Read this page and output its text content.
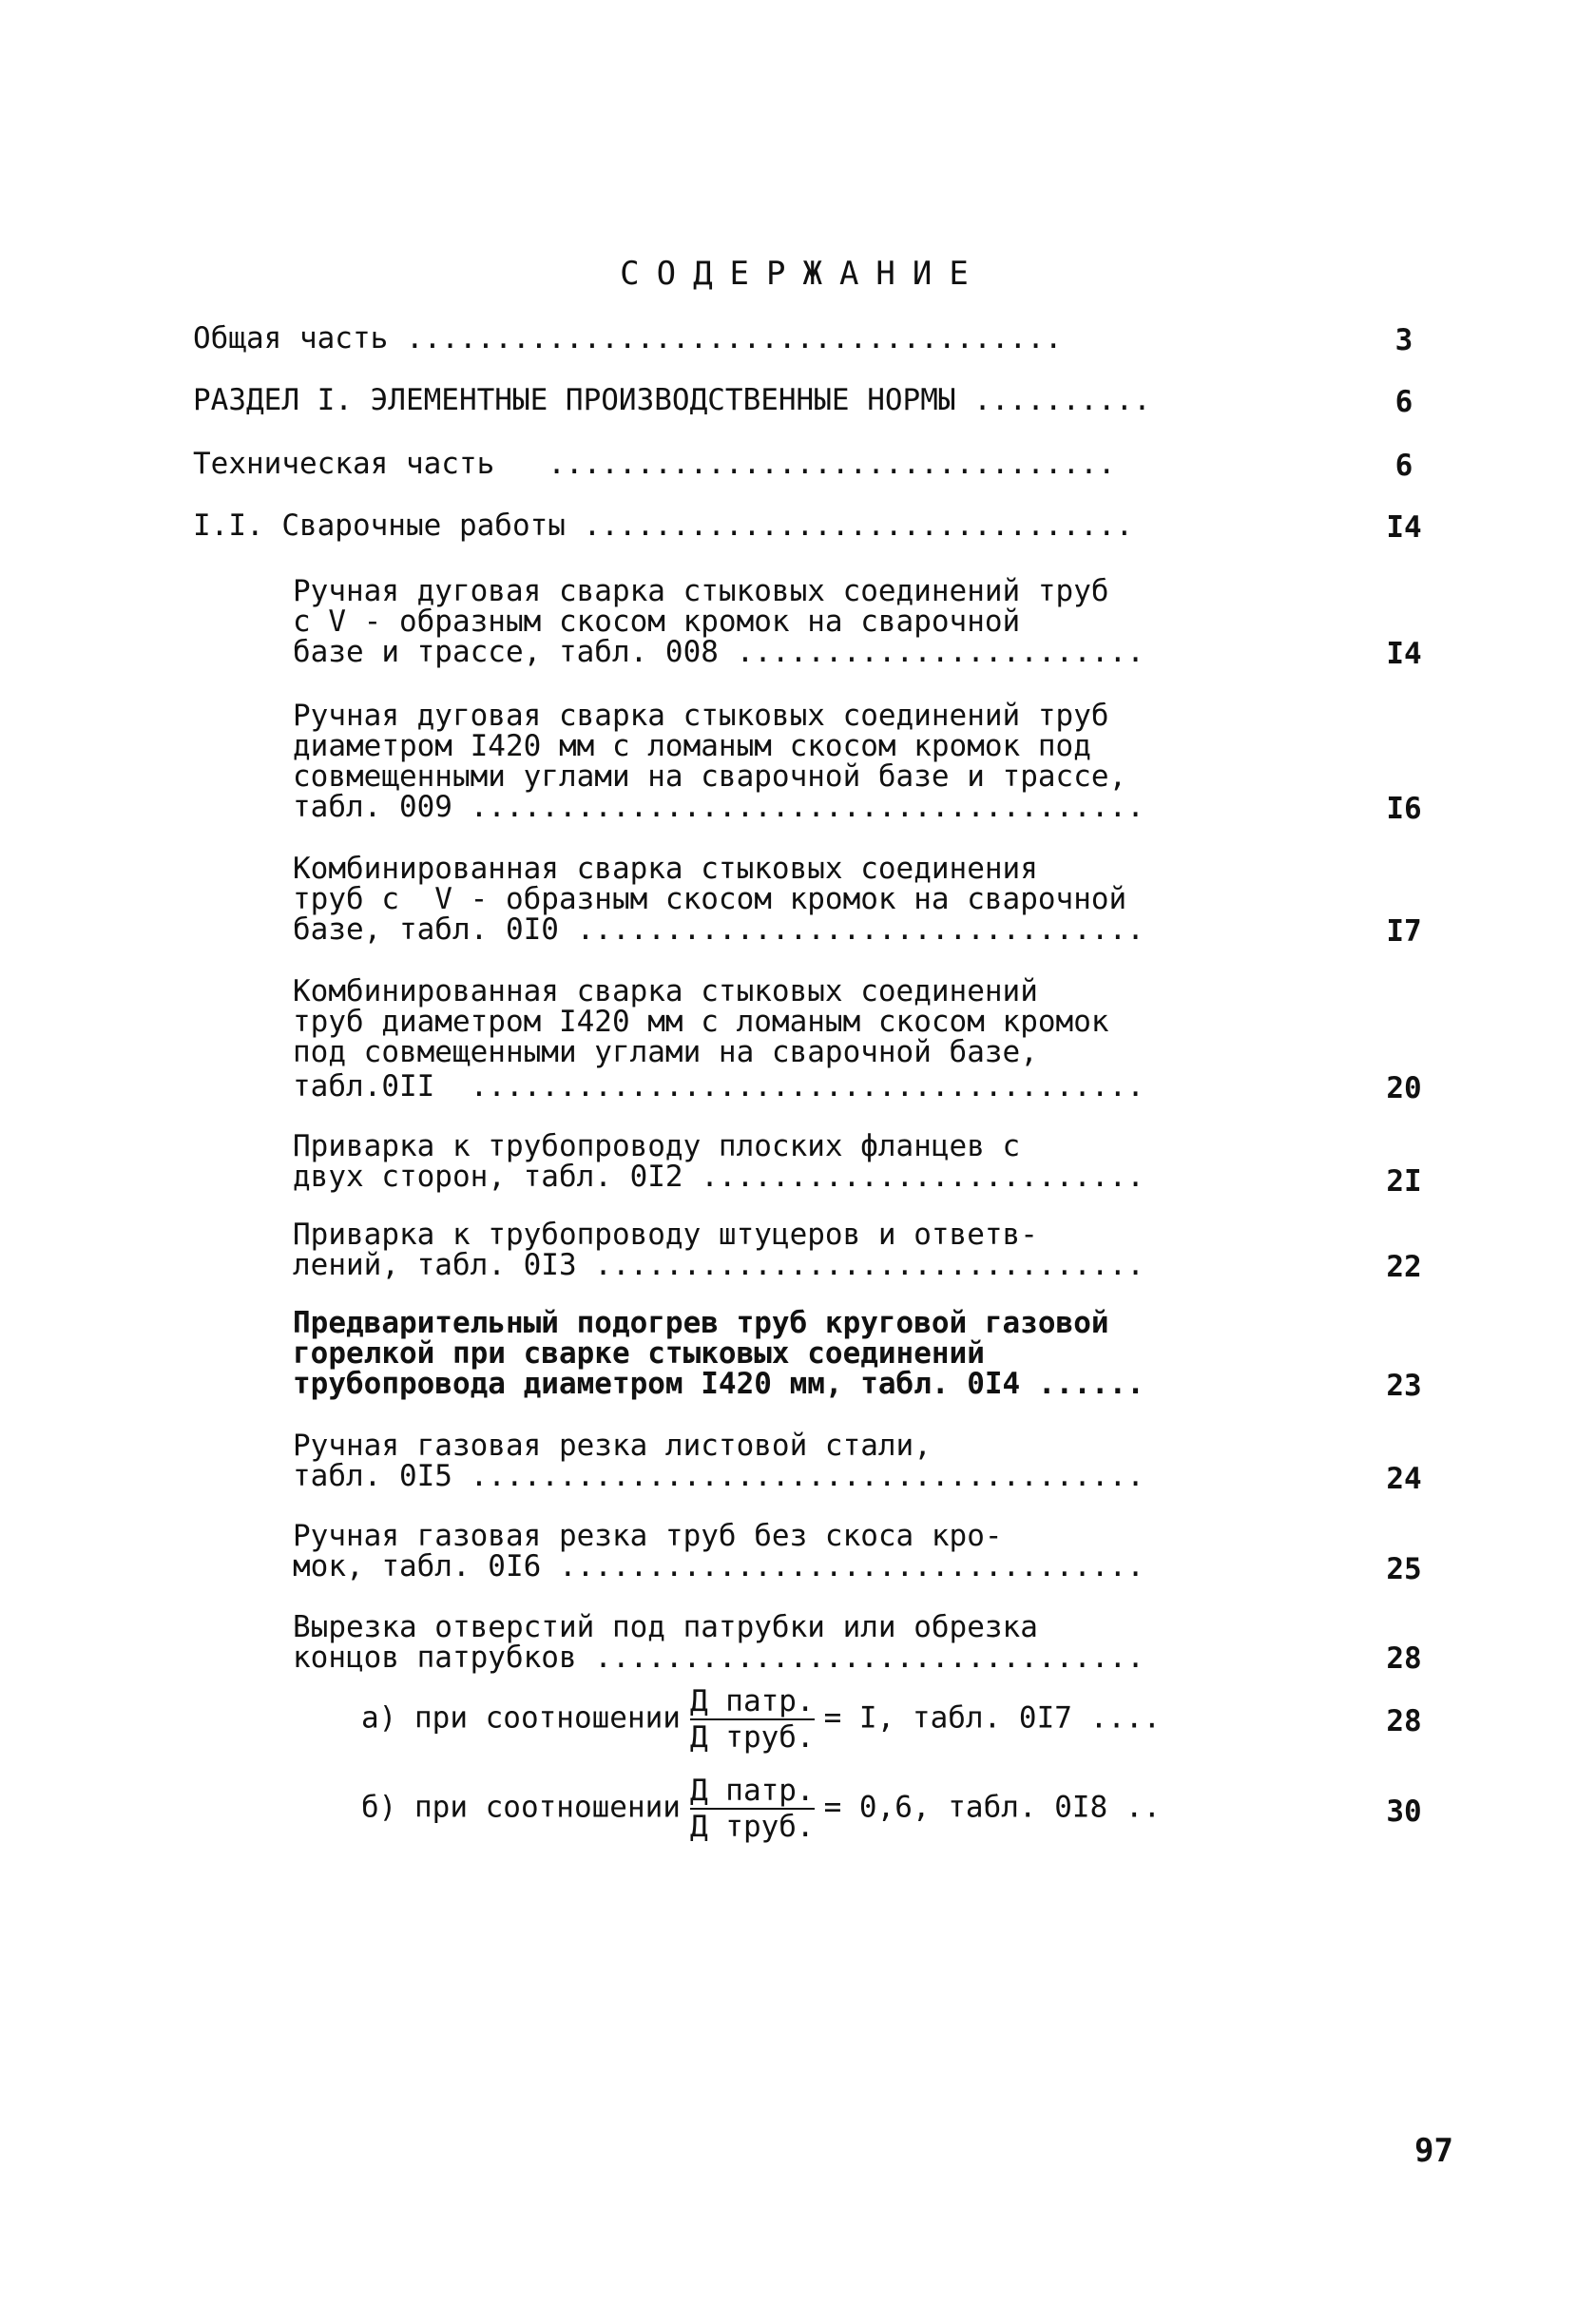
СОДЕРЖАНИЕ
Общая часть .....................................	3
РАЗДЕЛ I. ЭЛЕМЕНТНЫЕ ПРОИЗВОДСТВЕННЫЕ НОРМЫ ..........	6
Техническая часть   ................................	6
I.I. Сварочные работы ...............................	I4
Ручная дуговая сварка стыковых соединений труб
с V - образным скосом кромок на сварочной
базе и трассе, табл. 008 .......................	I4
Ручная дуговая сварка стыковых соединений труб
диаметром I420 мм с ломаным скосом кромок под
совмещенными углами на сварочной базе и трассе,
табл. 009 ......................................	I6
Комбинированная сварка стыковых соединения
труб с  V - образным скосом кромок на сварочной
базе, табл. 0I0 ................................	I7
Комбинированная сварка стыковых соединений
труб диаметром I420 мм с ломаным скосом кромок
под совмещенными углами на сварочной базе,
табл.0II  ......................................	20
Приварка к трубопроводу плоских фланцев с
двух сторон, табл. 0I2 .........................	2I
Приварка к трубопроводу штуцеров и ответв-
лений, табл. 0I3 ...............................	22
Предварительный подогрев труб круговой газовой
горелкой при сварке стыковых соединений
трубопровода диаметром I420 мм, табл. 0I4 ......	23
Ручная газовая резка листовой стали,
табл. 0I5 ......................................	24
Ручная газовая резка труб без скоса кро-
мок, табл. 0I6 .................................	25
Вырезка отверстий под патрубки или обрезка
концов патрубков ...............................	28
а) при соотношении $\frac{\text{Д патр.}}{\text{Д труб.}} = I$, табл. 0I7 ....	28
б) при соотношении $\frac{\text{Д патр.}}{\text{Д труб.}} = 0,6$, табл. 0I8 ..	30
97
